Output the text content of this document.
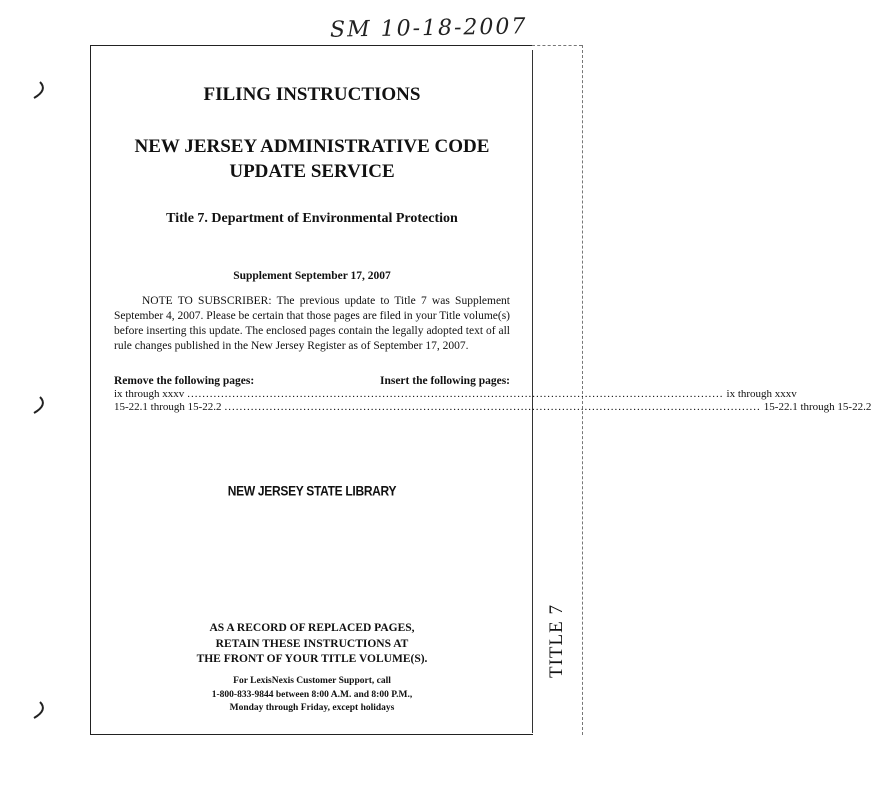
SM 10-18-2007
TITLE 7
FILING INSTRUCTIONS
NEW JERSEY ADMINISTRATIVE CODE
UPDATE SERVICE
Title 7. Department of Environmental Protection
Supplement September 17, 2007
NOTE TO SUBSCRIBER: The previous update to Title 7 was Supplement September 4, 2007. Please be certain that those pages are filed in your Title volume(s) before inserting this update. The enclosed pages contain the legally adopted text of all rule changes published in the New Jersey Register as of September 17, 2007.
Remove the following pages:	Insert the following pages:
ix through xxxv ............................................................................................................................................... ix through xxxv
15-22.1 through 15-22.2 ............................................................................................................................................... 15-22.1 through 15-22.2
NEW JERSEY STATE LIBRARY
AS A RECORD OF REPLACED PAGES,
RETAIN THESE INSTRUCTIONS AT
THE FRONT OF YOUR TITLE VOLUME(S).
For LexisNexis Customer Support, call
1-800-833-9844 between 8:00 A.M. and 8:00 P.M.,
Monday through Friday, except holidays
